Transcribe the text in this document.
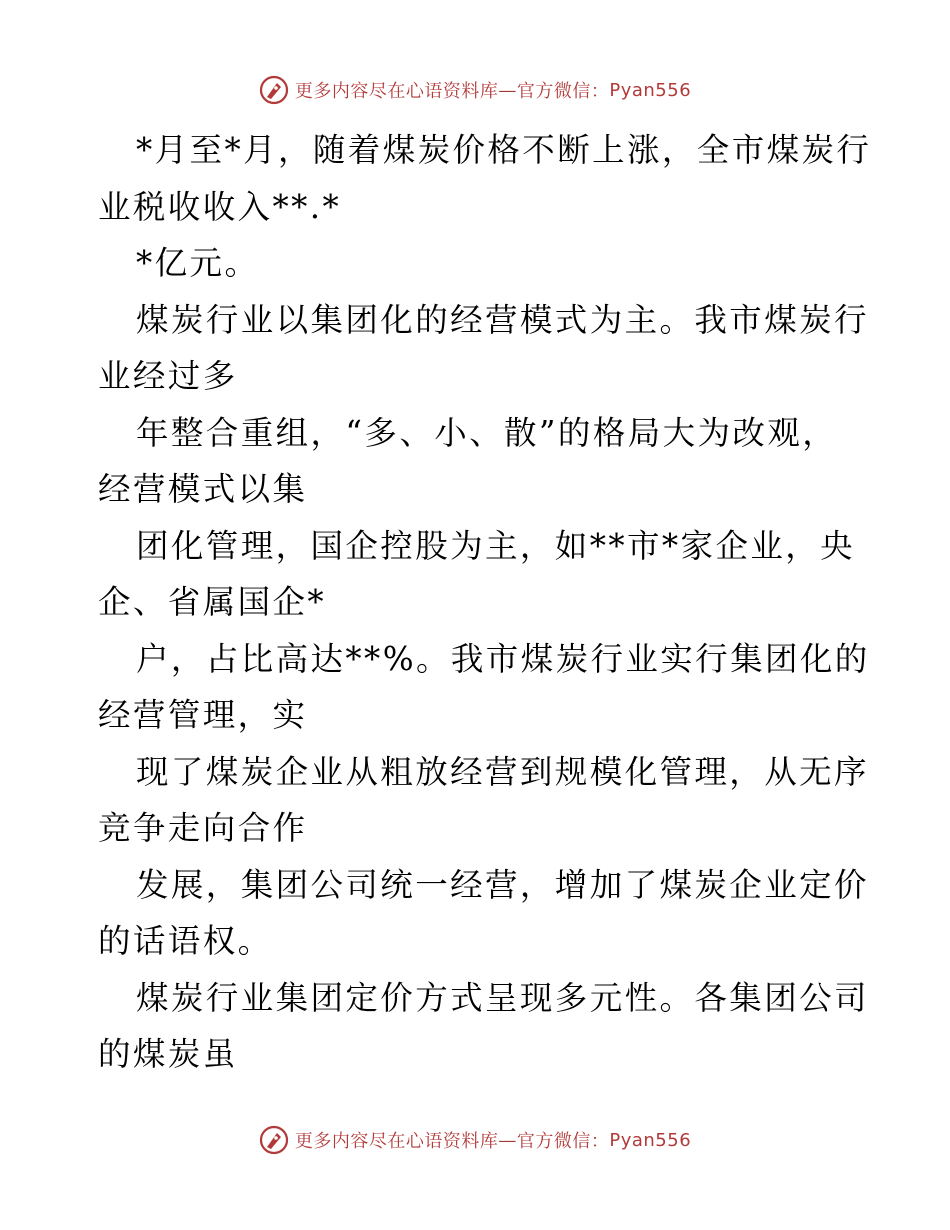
更多内容尽在心语资料库 — 官方微信： Pyan556
*月至*月，随着煤炭价格不断上涨，全市煤炭行
业税收收入**.*
*亿元。
煤炭行业以集团化的经营模式为主。我市煤炭行
业经过多
年整合重组，“多、小、散”的格局大为改观，
经营模式以集
团化管理，国企控股为主，如**市*家企业，央
企、省属国企*
户，占比高达**%。我市煤炭行业实行集团化的
经营管理，实
现了煤炭企业从粗放经营到规模化管理，从无序
竞争走向合作
发展，集团公司统一经营，增加了煤炭企业定价
的话语权。
煤炭行业集团定价方式呈现多元性。各集团公司
的煤炭虽
更多内容尽在心语资料库 — 官方微信： Pyan556
